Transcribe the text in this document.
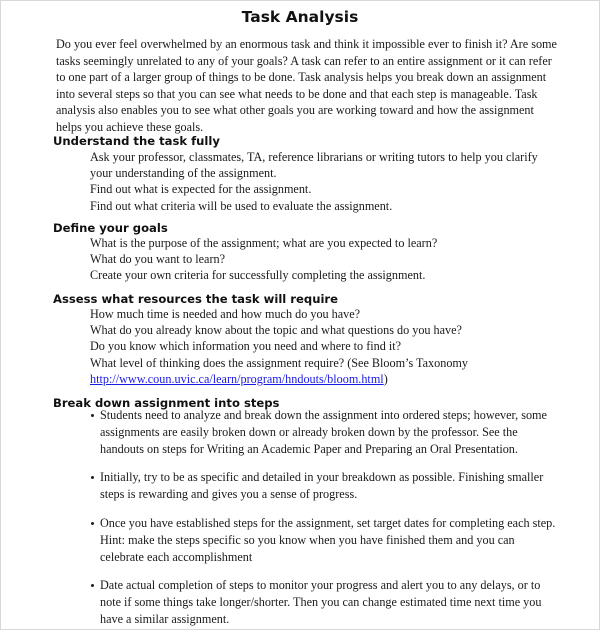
Task Analysis
Do you ever feel overwhelmed by an enormous task and think it impossible ever to finish it? Are some
tasks seemingly unrelated to any of your goals? A task can refer to an entire assignment or it can refer
to one part of a larger group of things to be done. Task analysis helps you break down an assignment
into several steps so that you can see what needs to be done and that each step is manageable. Task
analysis also enables you to see what other goals you are working toward and how the assignment
helps you achieve these goals.
Understand the task fully
Ask your professor, classmates, TA, reference librarians or writing tutors to help you clarify
your understanding of the assignment.
Find out what is expected for the assignment.
Find out what criteria will be used to evaluate the assignment.
Define your goals
What is the purpose of the assignment; what are you expected to learn?
What do you want to learn?
Create your own criteria for successfully completing the assignment.
Assess what resources the task will require
How much time is needed and how much do you have?
What do you already know about the topic and what questions do you have?
Do you know which information you need and where to find it?
What level of thinking does the assignment require? (See Bloom’s Taxonomy
http://www.coun.uvic.ca/learn/program/hndouts/bloom.html)
Break down assignment into steps
Students need to analyze and break down the assignment into ordered steps; however, some
assignments are easily broken down or already broken down by the professor. See the
handouts on steps for Writing an Academic Paper and Preparing an Oral Presentation.
Initially, try to be as specific and detailed in your breakdown as possible. Finishing smaller
steps is rewarding and gives you a sense of progress.
Once you have established steps for the assignment, set target dates for completing each step.
Hint: make the steps specific so you know when you have finished them and you can
celebrate each accomplishment
Date actual completion of steps to monitor your progress and alert you to any delays, or to
note if some things take longer/shorter. Then you can change estimated time next time you
have a similar assignment.
